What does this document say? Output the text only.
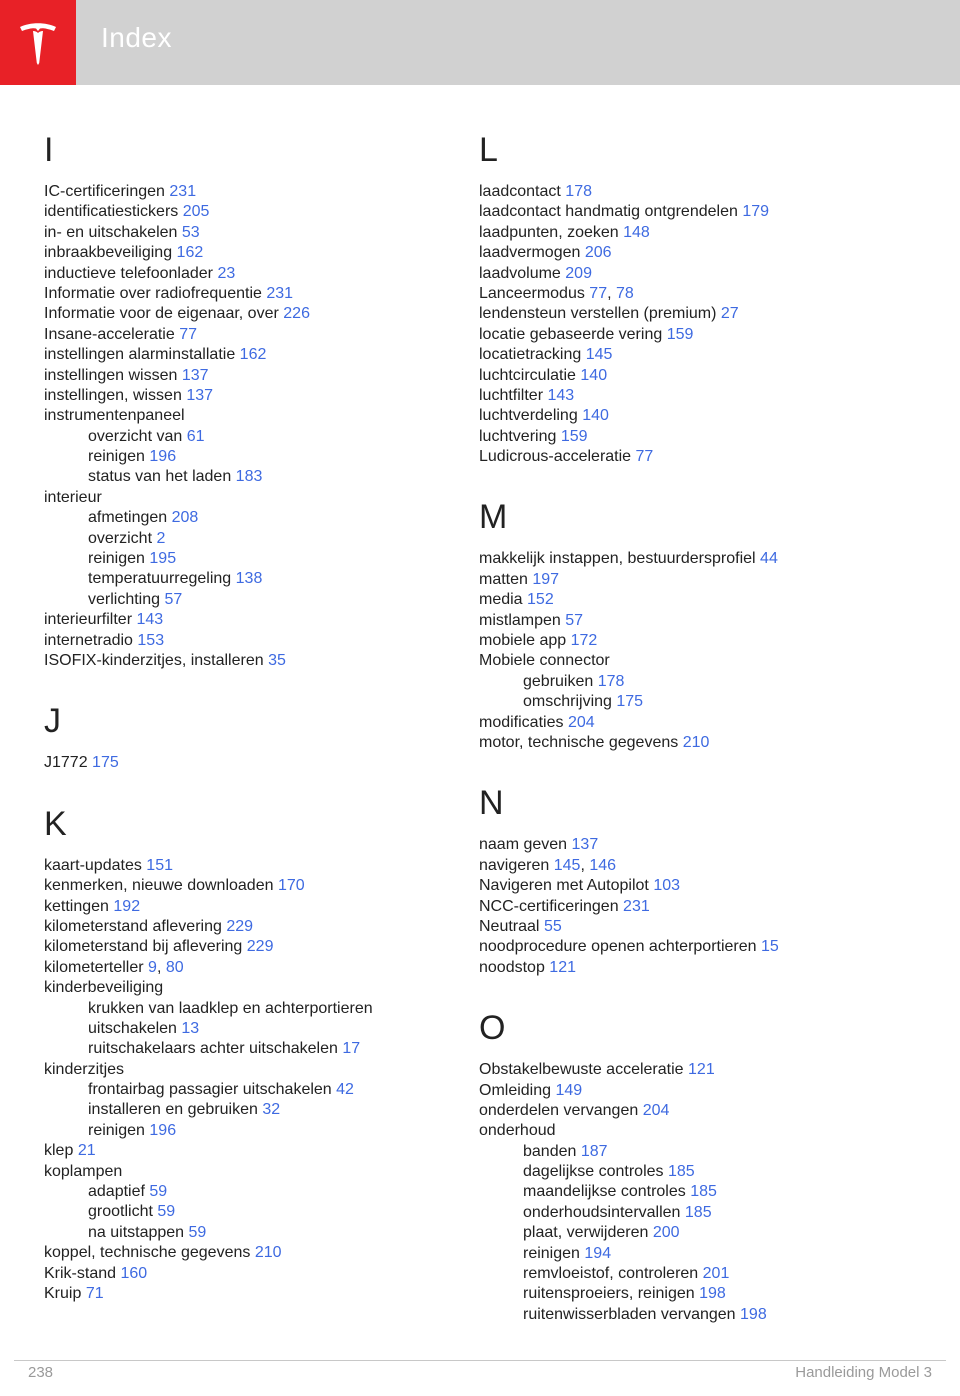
Index
I
IC-certificeringen 231
identificatiestickers 205
in- en uitschakelen 53
inbraakbeveiliging 162
inductieve telefoonlader 23
Informatie over radiofrequentie 231
Informatie voor de eigenaar, over 226
Insane-acceleratie 77
instellingen alarminstallatie 162
instellingen wissen 137
instellingen, wissen 137
instrumentenpaneel
overzicht van 61
reinigen 196
status van het laden 183
interieur
afmetingen 208
overzicht 2
reinigen 195
temperatuurregeling 138
verlichting 57
interieurfilter 143
internetradio 153
ISOFIX-kinderzitjes, installeren 35
J
J1772 175
K
kaart-updates 151
kenmerken, nieuwe downloaden 170
kettingen 192
kilometerstand aflevering 229
kilometerstand bij aflevering 229
kilometerteller 9, 80
kinderbeveiliging
krukken van laadklep en achterportieren
uitschakelen 13
ruitschakelaars achter uitschakelen 17
kinderzitjes
frontairbag passagier uitschakelen 42
installeren en gebruiken 32
reinigen 196
klep 21
koplampen
adaptief 59
grootlicht 59
na uitstappen 59
koppel, technische gegevens 210
Krik-stand 160
Kruip 71
L
laadcontact 178
laadcontact handmatig ontgrendelen 179
laadpunten, zoeken 148
laadvermogen 206
laadvolume 209
Lanceermodus 77, 78
lendensteun verstellen (premium) 27
locatie gebaseerde vering 159
locatietracking 145
luchtcirculatie 140
luchtfilter 143
luchtverdeling 140
luchtvering 159
Ludicrous-acceleratie 77
M
makkelijk instappen, bestuurdersprofiel 44
matten 197
media 152
mistlampen 57
mobiele app 172
Mobiele connector
gebruiken 178
omschrijving 175
modificaties 204
motor, technische gegevens 210
N
naam geven 137
navigeren 145, 146
Navigeren met Autopilot 103
NCC-certificeringen 231
Neutraal 55
noodprocedure openen achterportieren 15
noodstop 121
O
Obstakelbewuste acceleratie 121
Omleiding 149
onderdelen vervangen 204
onderhoud
banden 187
dagelijkse controles 185
maandelijkse controles 185
onderhoudsintervallen 185
plaat, verwijderen 200
reinigen 194
remvloeistof, controleren 201
ruitensproeiers, reinigen 198
ruitenwisserbladen vervangen 198
238	Handleiding Model 3
